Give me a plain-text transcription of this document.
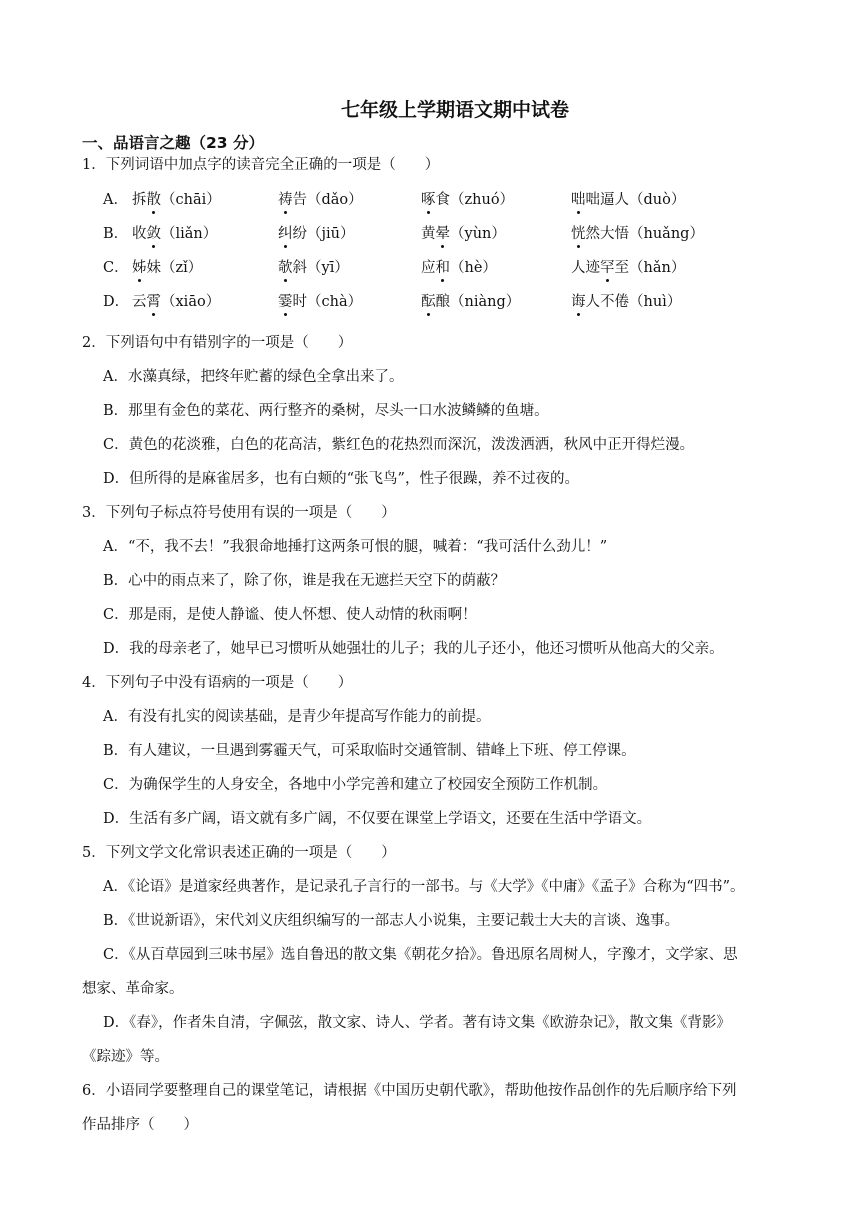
七年级上学期语文期中试卷
一、品语言之趣（23 分）
1．下列词语中加点字的读音完全正确的一项是（　　）
A． 拆散（chāi）	祷告（dǎo）	啄食（zhuó）	咄咄逼人（duò）
B． 收敛（liǎn）	纠纷（jiū）	黄晕（yùn）	恍然大悟（huǎng）
C． 姊妹（zǐ）	欹斜（yī）	应和（hè）	人迹罕至（hǎn）
D． 云霄（xiāo）	霎时（chà）	酝酿（niàng）	诲人不倦（huì）
2．下列语句中有错别字的一项是（　　）
A．水藻真绿，把终年贮蓄的绿色全拿出来了。
B．那里有金色的菜花、两行整齐的桑树，尽头一口水波鳞鳞的鱼塘。
C．黄色的花淡雅，白色的花高洁，紫红色的花热烈而深沉，泼泼洒洒，秋风中正开得烂漫。
D．但所得的是麻雀居多，也有白颊的“张飞鸟”，性子很躁，养不过夜的。
3．下列句子标点符号使用有误的一项是（　　）
A．“不，我不去！”我狠命地捶打这两条可恨的腿，喊着：“我可活什么劲儿！”
B．心中的雨点来了，除了你，谁是我在无遮拦天空下的荫蔽？
C．那是雨，是使人静谧、使人怀想、使人动情的秋雨啊！
D．我的母亲老了，她早已习惯听从她强壮的儿子；我的儿子还小，他还习惯听从他高大的父亲。
4．下列句子中没有语病的一项是（　　）
A．有没有扎实的阅读基础，是青少年提高写作能力的前提。
B．有人建议，一旦遇到雾霾天气，可采取临时交通管制、错峰上下班、停工停课。
C．为确保学生的人身安全，各地中小学完善和建立了校园安全预防工作机制。
D．生活有多广阔，语文就有多广阔，不仅要在课堂上学语文，还要在生活中学语文。
5．下列文学文化常识表述正确的一项是（　　）
A．《论语》是道家经典著作，是记录孔子言行的一部书。与《大学》《中庸》《孟子》合称为“四书”。
B．《世说新语》，宋代刘义庆组织编写的一部志人小说集，主要记载士大夫的言谈、逸事。
C．《从百草园到三味书屋》选自鲁迅的散文集《朝花夕拾》。鲁迅原名周树人，字豫才，文学家、思
想家、革命家。
D．《春》，作者朱自清，字佩弦，散文家、诗人、学者。著有诗文集《欧游杂记》，散文集《背影》
《踪迹》等。
6．小语同学要整理自己的课堂笔记，请根据《中国历史朝代歌》，帮助他按作品创作的先后顺序给下列
作品排序（　　）
